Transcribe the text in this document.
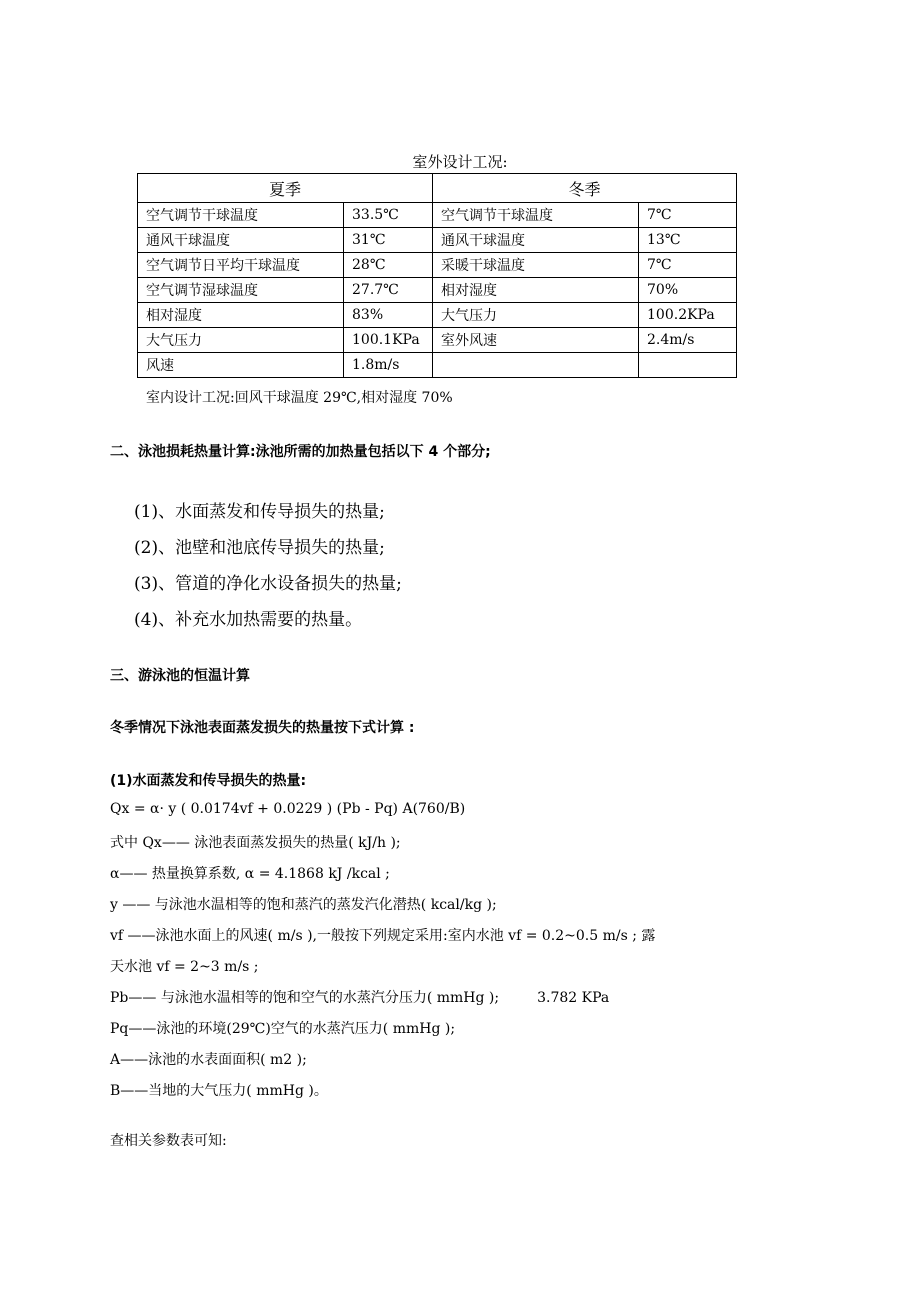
室外设计工况:
夏季		冬季	
空气调节干球温度	33.5℃	空气调节干球温度	7℃
通风干球温度	31℃	通风干球温度	13℃
空气调节日平均干球温度	28℃	采暖干球温度	7℃
空气调节湿球温度	27.7℃	相对湿度	70%
相对湿度	83%	大气压力	100.2KPa
大气压力	100.1KPa	室外风速	2.4m/s
风速	1.8m/s		
室内设计工况:回风干球温度 29℃,相对湿度 70%
二、泳池损耗热量计算:泳池所需的加热量包括以下 4 个部分;
(1)、水面蒸发和传导损失的热量;
(2)、池壁和池底传导损失的热量;
(3)、管道的净化水设备损失的热量;
(4)、补充水加热需要的热量。
三、游泳池的恒温计算
冬季情况下泳池表面蒸发损失的热量按下式计算 :
(1)水面蒸发和传导损失的热量:
Qx = α· y ( 0.0174vf + 0.0229 ) (Pb - Pq) A(760/B)
式中 Qx—— 泳池表面蒸发损失的热量( kJ/h );
α—— 热量换算系数, α = 4.1868 kJ /kcal ;
y —— 与泳池水温相等的饱和蒸汽的蒸发汽化潜热( kcal/kg );
vf ——泳池水面上的风速( m/s ),一般按下列规定采用:室内水池 vf = 0.2~0.5 m/s ; 露
天水池 vf = 2~3 m/s ;
Pb—— 与泳池水温相等的饱和空气的水蒸汽分压力( mmHg );	3.782 KPa
Pq——泳池的环境(29℃)空气的水蒸汽压力( mmHg );
A——泳池的水表面面积( m2 );
B——当地的大气压力( mmHg )。
查相关参数表可知:
